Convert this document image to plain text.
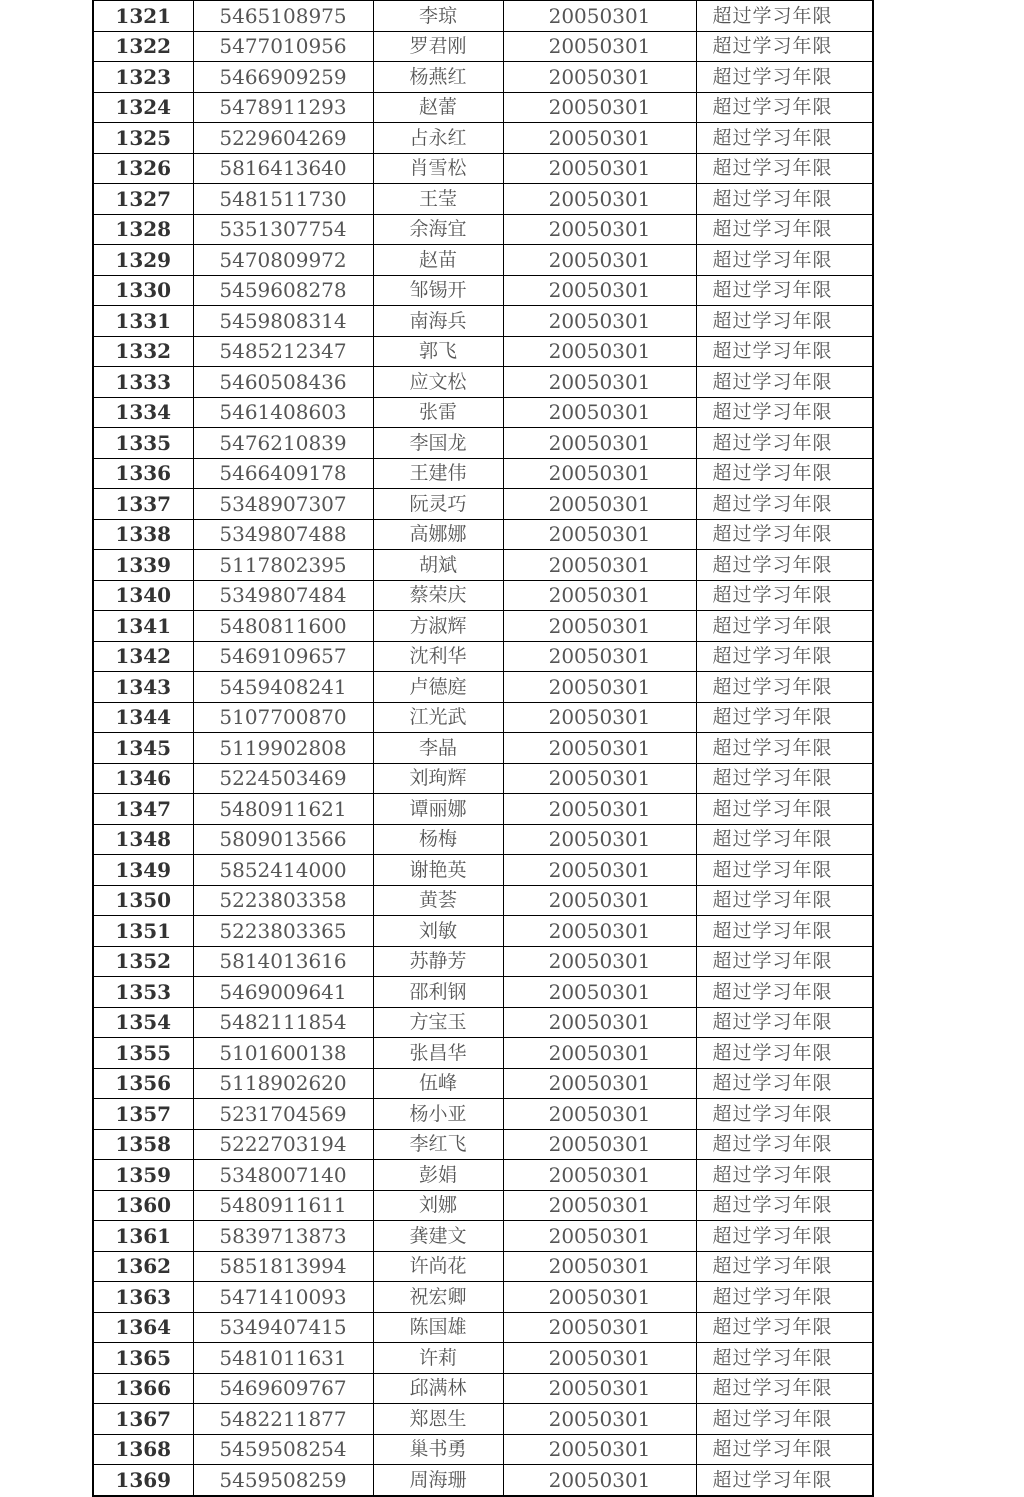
1321	5465108975	李琼	20050301	超过学习年限
1322	5477010956	罗君刚	20050301	超过学习年限
1323	5466909259	杨燕红	20050301	超过学习年限
1324	5478911293	赵蕾	20050301	超过学习年限
1325	5229604269	占永红	20050301	超过学习年限
1326	5816413640	肖雪松	20050301	超过学习年限
1327	5481511730	王莹	20050301	超过学习年限
1328	5351307754	余海宜	20050301	超过学习年限
1329	5470809972	赵苗	20050301	超过学习年限
1330	5459608278	邹锡开	20050301	超过学习年限
1331	5459808314	南海兵	20050301	超过学习年限
1332	5485212347	郭飞	20050301	超过学习年限
1333	5460508436	应文松	20050301	超过学习年限
1334	5461408603	张雷	20050301	超过学习年限
1335	5476210839	李国龙	20050301	超过学习年限
1336	5466409178	王建伟	20050301	超过学习年限
1337	5348907307	阮灵巧	20050301	超过学习年限
1338	5349807488	高娜娜	20050301	超过学习年限
1339	5117802395	胡斌	20050301	超过学习年限
1340	5349807484	蔡荣庆	20050301	超过学习年限
1341	5480811600	方淑辉	20050301	超过学习年限
1342	5469109657	沈利华	20050301	超过学习年限
1343	5459408241	卢德庭	20050301	超过学习年限
1344	5107700870	江光武	20050301	超过学习年限
1345	5119902808	李晶	20050301	超过学习年限
1346	5224503469	刘珣辉	20050301	超过学习年限
1347	5480911621	谭丽娜	20050301	超过学习年限
1348	5809013566	杨梅	20050301	超过学习年限
1349	5852414000	谢艳英	20050301	超过学习年限
1350	5223803358	黄荟	20050301	超过学习年限
1351	5223803365	刘敏	20050301	超过学习年限
1352	5814013616	苏静芳	20050301	超过学习年限
1353	5469009641	邵利钢	20050301	超过学习年限
1354	5482111854	方宝玉	20050301	超过学习年限
1355	5101600138	张昌华	20050301	超过学习年限
1356	5118902620	伍峰	20050301	超过学习年限
1357	5231704569	杨小亚	20050301	超过学习年限
1358	5222703194	李红飞	20050301	超过学习年限
1359	5348007140	彭娟	20050301	超过学习年限
1360	5480911611	刘娜	20050301	超过学习年限
1361	5839713873	龚建文	20050301	超过学习年限
1362	5851813994	许尚花	20050301	超过学习年限
1363	5471410093	祝宏卿	20050301	超过学习年限
1364	5349407415	陈国雄	20050301	超过学习年限
1365	5481011631	许莉	20050301	超过学习年限
1366	5469609767	邱满林	20050301	超过学习年限
1367	5482211877	郑恩生	20050301	超过学习年限
1368	5459508254	巢书勇	20050301	超过学习年限
1369	5459508259	周海珊	20050301	超过学习年限
